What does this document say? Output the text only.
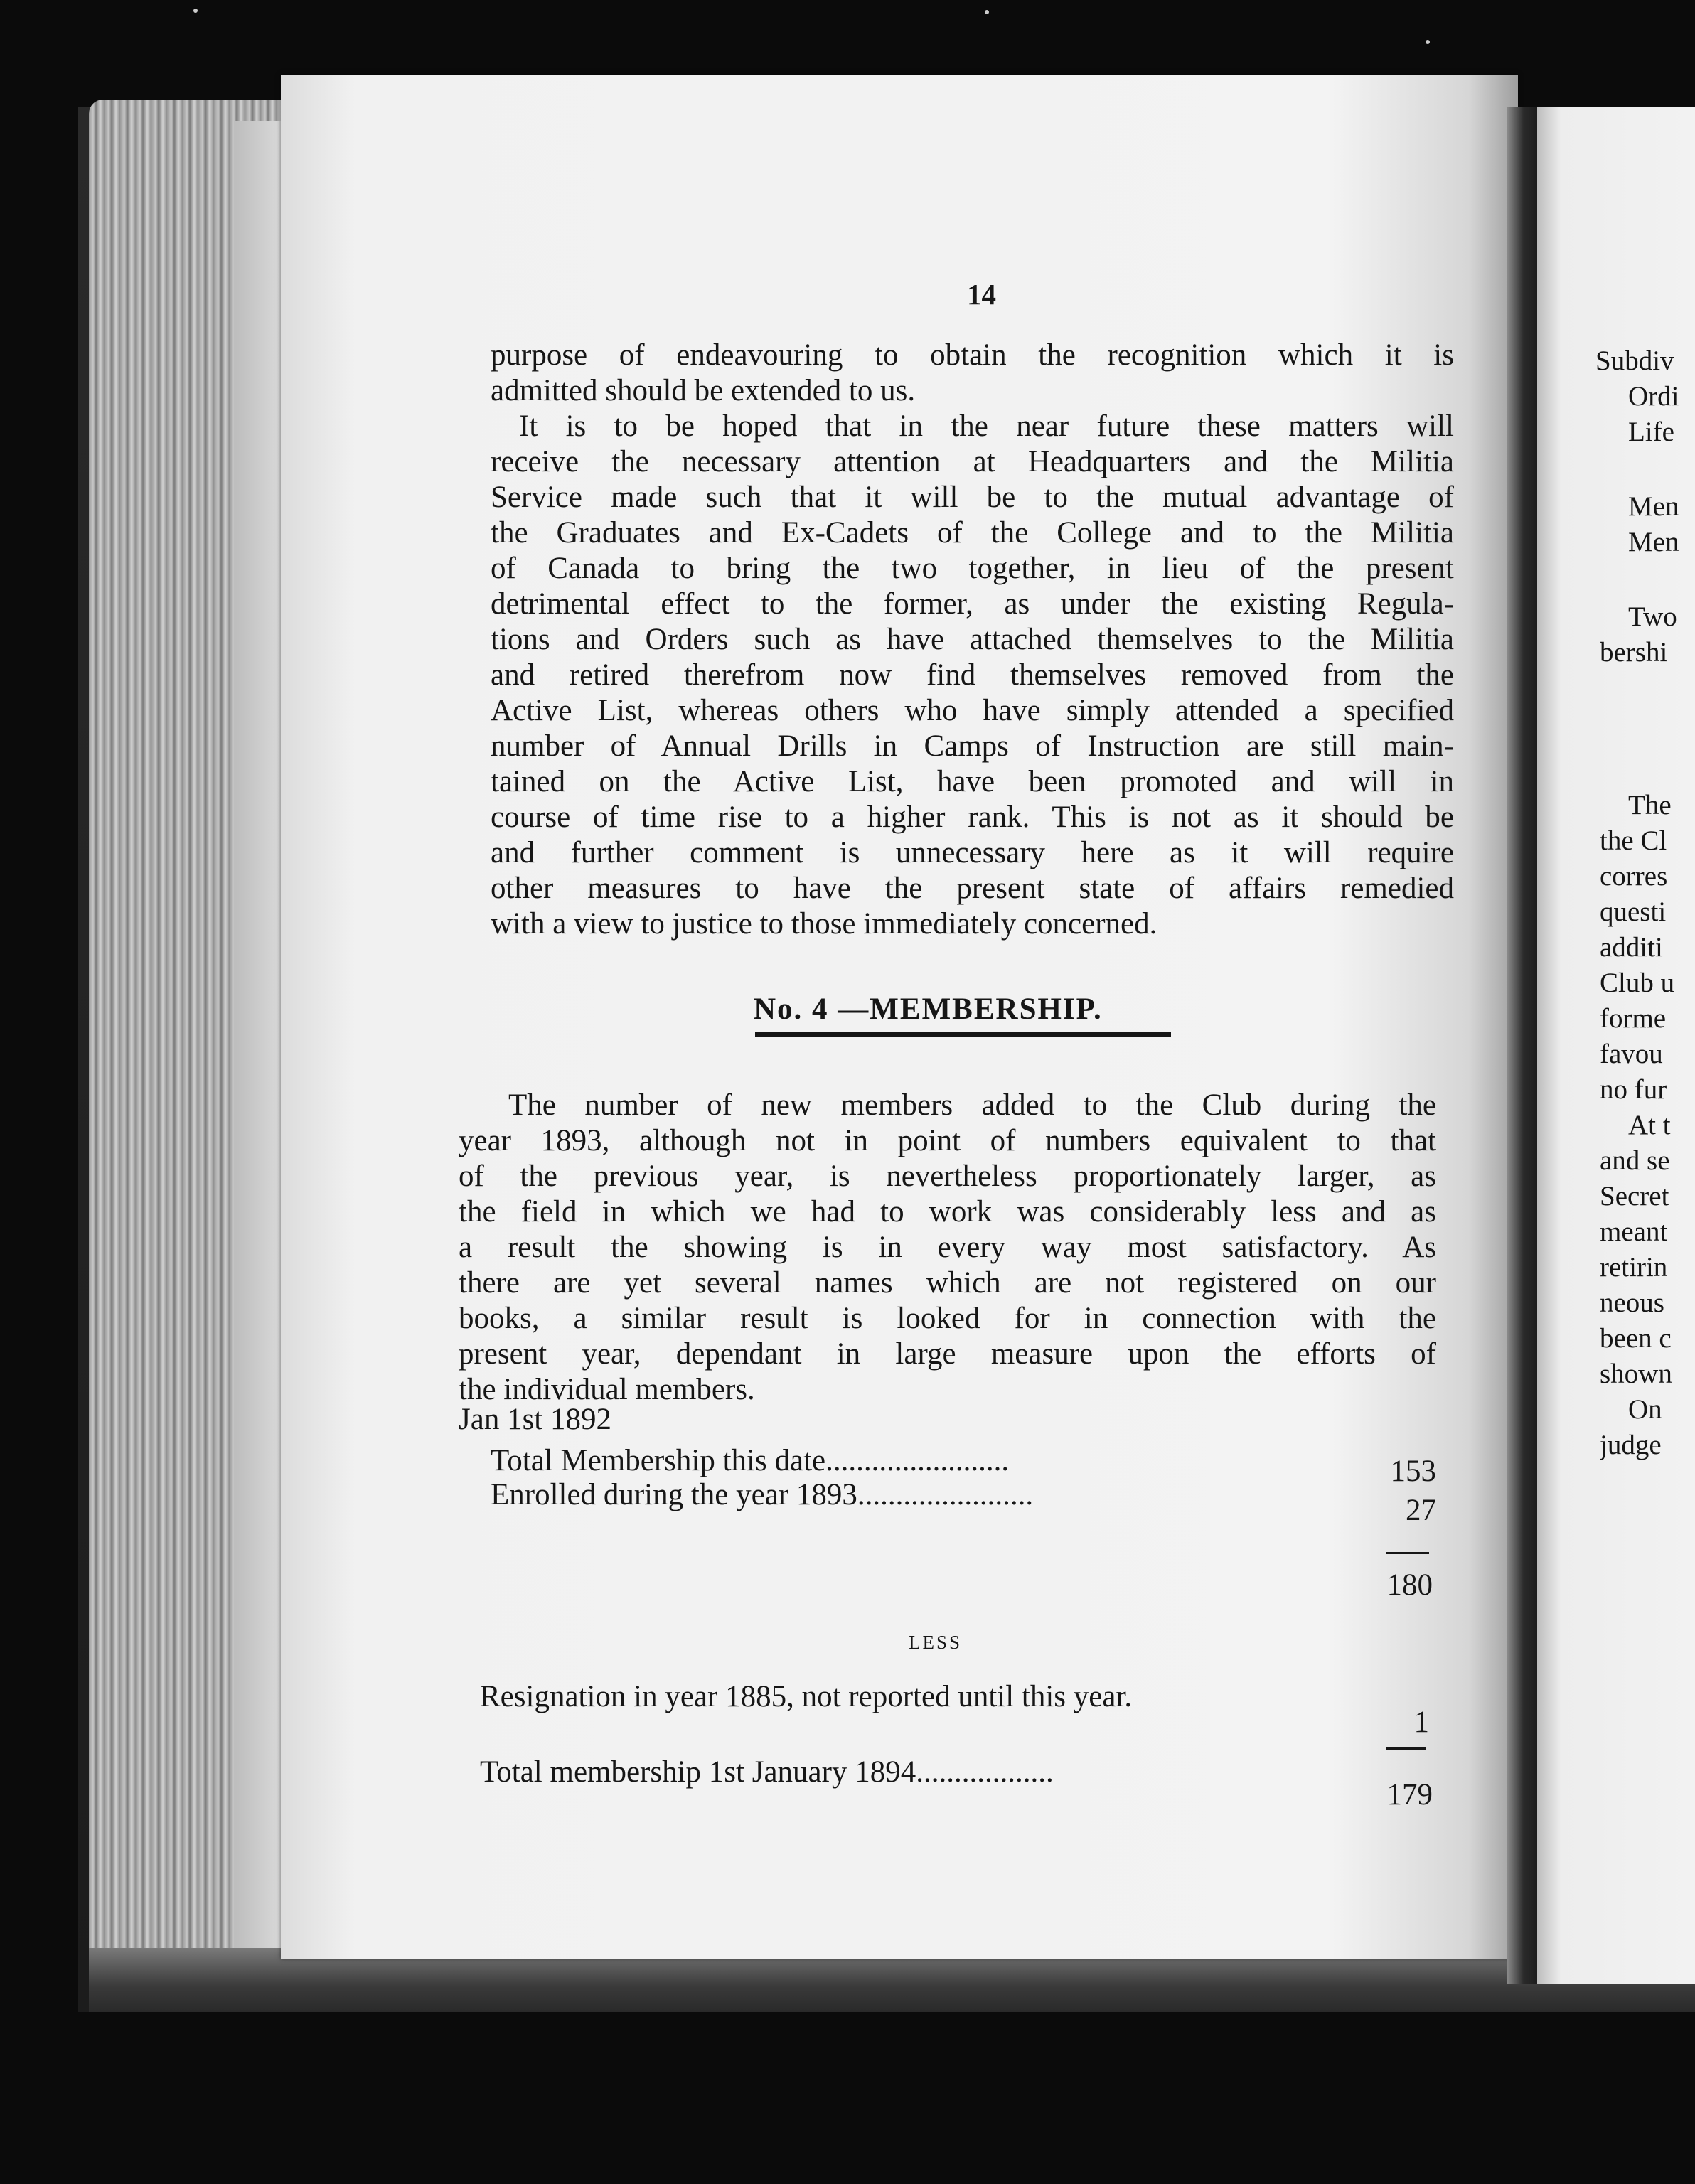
Subdiv
Ordi
Life
Men
Men
Two
bershi
The
the Cl
corres
questi
additi
Club u
forme
favou
no fur
At t
and se
Secret
meant
retirin
neous
been c
shown
On
judge
14
purpose of endeavouring to obtain the recognition which it is
admitted should be extended to us.
It is to be hoped that in the near future these matters will
receive the necessary attention at Headquarters and the Militia
Service made such that it will be to the mutual advantage of
the Graduates and Ex-Cadets of the College and to the Militia
of Canada to bring the two together, in lieu of the present
detrimental effect to the former, as under the existing Regula-
tions and Orders such as have attached themselves to the Militia
and retired therefrom now find themselves removed from the
Active List, whereas others who have simply attended a specified
number of Annual Drills in Camps of Instruction are still main-
tained on the Active List, have been promoted and will in
course of time rise to a higher rank. This is not as it should be
and further comment is unnecessary here as it will require
other measures to have the present state of affairs remedied
with a view to justice to those immediately concerned.
No. 4 —MEMBERSHIP.
The number of new members added to the Club during the
year 1893, although not in point of numbers equivalent to that
of the previous year, is nevertheless proportionately larger, as
the field in which we had to work was considerably less and as
a result the showing is in every way most satisfactory. As
there are yet several names which are not registered on our
books, a similar result is looked for in connection with the
present year, dependant in large measure upon the efforts of
the individual members.
Jan 1st 1892
Total Membership this date........................	153
Enrolled during the year 1893.......................	27
180
LESS
Resignation in year 1885, not reported until this year.
1
Total membership 1st January 1894..................
179
